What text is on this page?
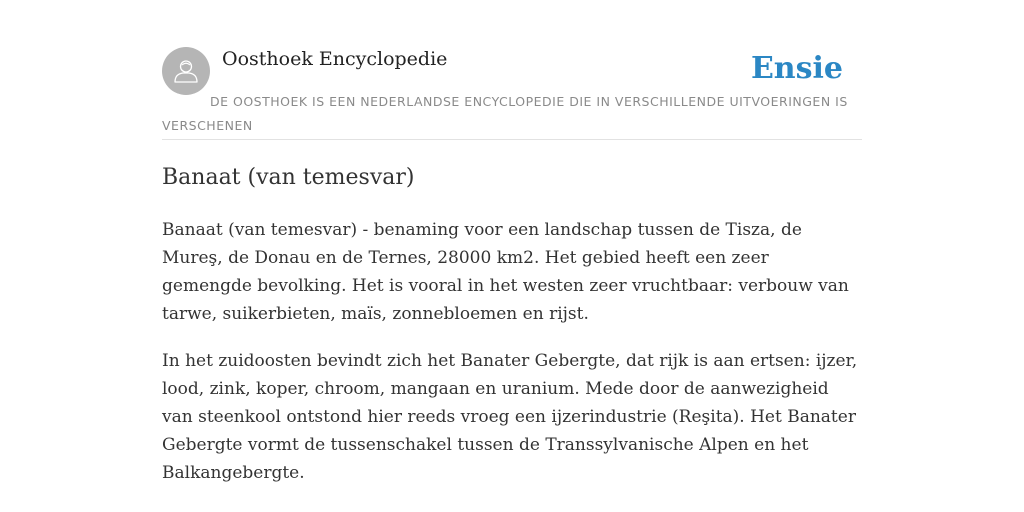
Oosthoek Encyclopedie	Ensie
DE OOSTHOEK IS EEN NEDERLANDSE ENCYCLOPEDIE DIE IN VERSCHILLENDE UITVOERINGEN IS VERSCHENEN
Banaat (van temesvar)

Banaat (van temesvar) - benaming voor een landschap tussen de Tisza, de Mureş, de Donau en de Ternes, 28000 km2. Het gebied heeft een zeer gemengde bevolking. Het is vooral in het westen zeer vruchtbaar: verbouw van tarwe, suikerbieten, maïs, zonnebloemen en rijst.

In het zuidoosten bevindt zich het Banater Gebergte, dat rijk is aan ertsen: ijzer, lood, zink, koper, chroom, mangaan en uranium. Mede door de aanwezigheid van steenkool ontstond hier reeds vroeg een ijzerindustrie (Reşita). Het Banater Gebergte vormt de tussenschakel tussen de Transsylvanische Alpen en het Balkangebergte.
